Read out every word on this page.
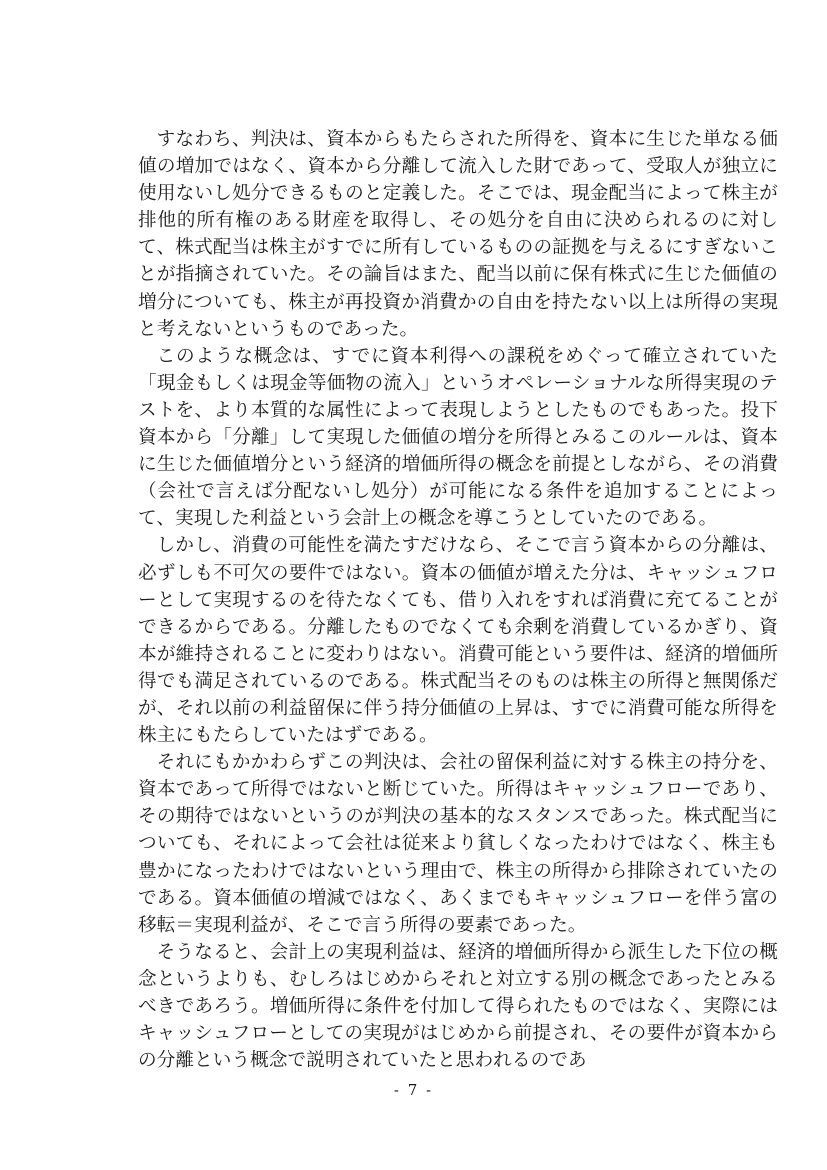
すなわち、判決は、資本からもたらされた所得を、資本に生じた単なる価値の増加ではなく、資本から分離して流入した財であって、受取人が独立に使用ないし処分できるものと定義した。そこでは、現金配当によって株主が排他的所有権のある財産を取得し、その処分を自由に決められるのに対して、株式配当は株主がすでに所有しているものの証拠を与えるにすぎないことが指摘されていた。その論旨はまた、配当以前に保有株式に生じた価値の増分についても、株主が再投資か消費かの自由を持たない以上は所得の実現と考えないというものであった。

このような概念は、すでに資本利得への課税をめぐって確立されていた「現金もしくは現金等価物の流入」というオペレーショナルな所得実現のテストを、より本質的な属性によって表現しようとしたものでもあった。投下資本から「分離」して実現した価値の増分を所得とみるこのルールは、資本に生じた価値増分という経済的増価所得の概念を前提としながら、その消費（会社で言えば分配ないし処分）が可能になる条件を追加することによって、実現した利益という会計上の概念を導こうとしていたのである。

しかし、消費の可能性を満たすだけなら、そこで言う資本からの分離は、必ずしも不可欠の要件ではない。資本の価値が増えた分は、キャッシュフローとして実現するのを待たなくても、借り入れをすれば消費に充てることができるからである。分離したものでなくても余剰を消費しているかぎり、資本が維持されることに変わりはない。消費可能という要件は、経済的増価所得でも満足されているのである。株式配当そのものは株主の所得と無関係だが、それ以前の利益留保に伴う持分価値の上昇は、すでに消費可能な所得を株主にもたらしていたはずである。

それにもかかわらずこの判決は、会社の留保利益に対する株主の持分を、資本であって所得ではないと断じていた。所得はキャッシュフローであり、その期待ではないというのが判決の基本的なスタンスであった。株式配当についても、それによって会社は従来より貧しくなったわけではなく、株主も豊かになったわけではないという理由で、株主の所得から排除されていたのである。資本価値の増減ではなく、あくまでもキャッシュフローを伴う富の移転＝実現利益が、そこで言う所得の要素であった。

そうなると、会計上の実現利益は、経済的増価所得から派生した下位の概念というよりも、むしろはじめからそれと対立する別の概念であったとみるべきであろう。増価所得に条件を付加して得られたものではなく、実際にはキャッシュフローとしての実現がはじめから前提され、その要件が資本からの分離という概念で説明されていたと思われるのであ

- 7 -
